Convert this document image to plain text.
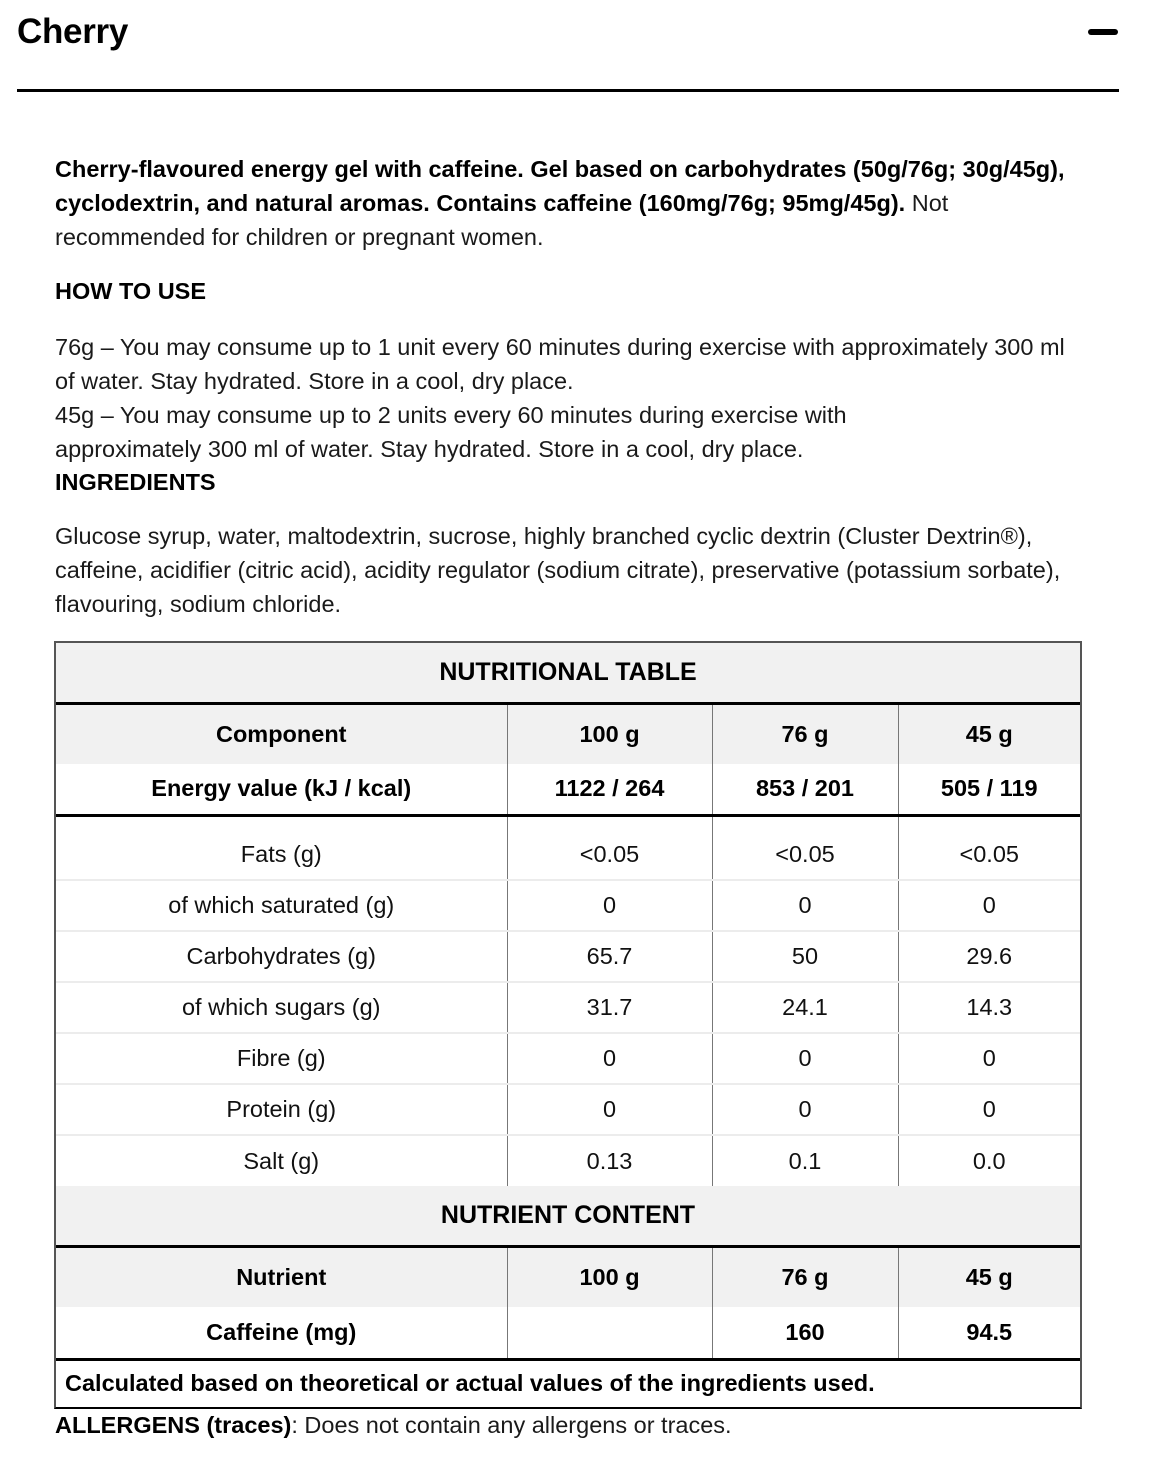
Cherry
Cherry-flavoured energy gel with caffeine. Gel based on carbohydrates (50g/76g; 30g/45g), cyclodextrin, and natural aromas. Contains caffeine (160mg/76g; 95mg/45g). Not recommended for children or pregnant women.
HOW TO USE
76g – You may consume up to 1 unit every 60 minutes during exercise with approximately 300 ml of water. Stay hydrated. Store in a cool, dry place.
45g – You may consume up to 2 units every 60 minutes during exercise with approximately 300 ml of water. Stay hydrated. Store in a cool, dry place.
INGREDIENTS
Glucose syrup, water, maltodextrin, sucrose, highly branched cyclic dextrin (Cluster Dextrin®), caffeine, acidifier (citric acid), acidity regulator (sodium citrate), preservative (potassium sorbate), flavouring, sodium chloride.
NUTRITIONAL TABLE			
Component	100 g	76 g	45 g
Energy value (kJ / kcal)	1122 / 264	853 / 201	505 / 119
Fats (g)	<0.05	<0.05	<0.05
of which saturated (g)	0	0	0
Carbohydrates (g)	65.7	50	29.6
of which sugars (g)	31.7	24.1	14.3
Fibre (g)	0	0	0
Protein (g)	0	0	0
Salt (g)	0.13	0.1	0.0
NUTRIENT CONTENT			
Nutrient	100 g	76 g	45 g
Caffeine (mg)		160	94.5
Calculated based on theoretical or actual values of the ingredients used.			
ALLERGENS (traces): Does not contain any allergens or traces.
